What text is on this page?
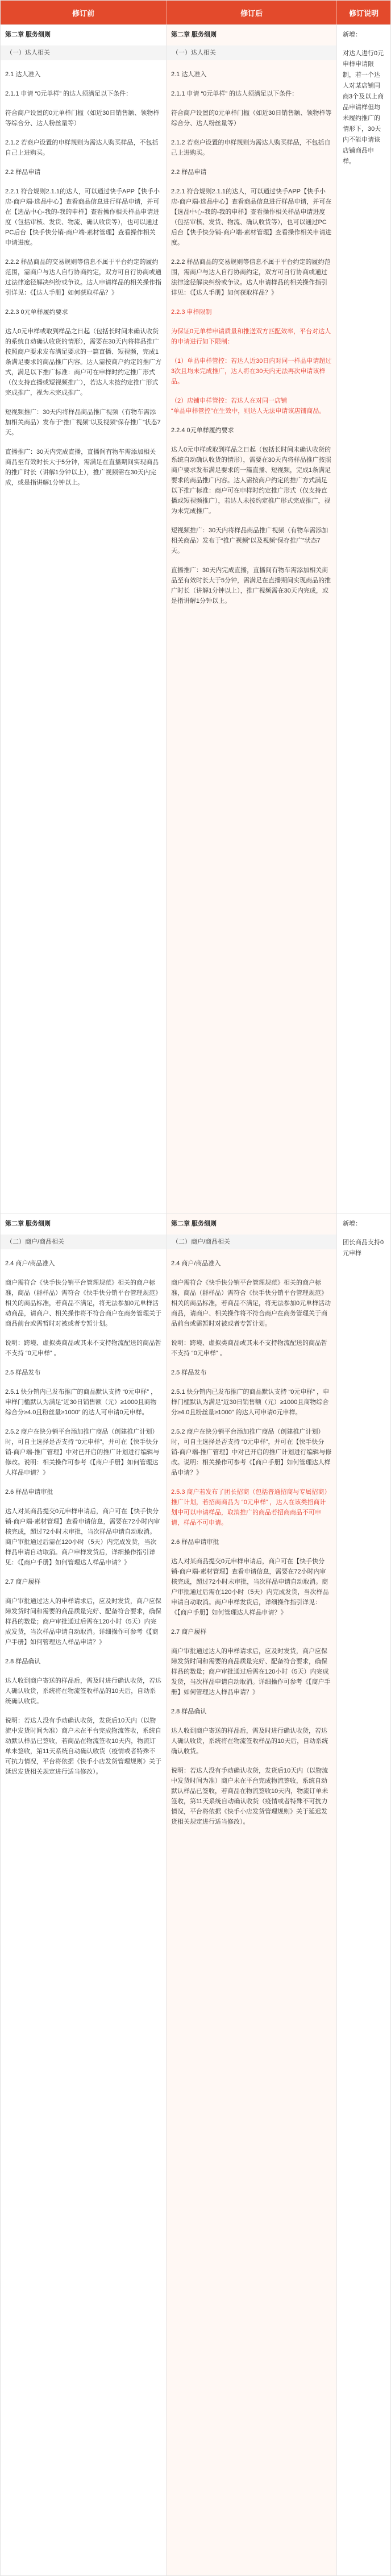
修订前	修订后	修订说明
第二章 服务细则
（一）达人相关
2.1 达人准入
2.1.1 申请 “0元单样” 的达人须满足以下条件：
符合商户设置的0元单样门槛（如近30日销售额、领物样等综合分、达人粉丝量等）
2.1.2 若商户设置的申样规则为需达人购买样品，不包括自己上进购买。
2.2 样品申请
2.2.1 符合规则2.1.1的达人，可以通过快手APP【快手小店-商户端-选品中心】查看商品信息进行样品申请，并可在【选品中心-我的-我的申样】查看操作相关样品申请进度（包括审核、发货、物流、确认收货等），也可以通过PC后台【快手快分销-商户端-素材管理】查看操作相关申请进度。
2.2.2 样品商品的交易规则等信息不属于平台约定的履约范围，需商户与达人自行协商约定，双方可自行协商或通过法律途径解决纠纷或争议。达人申请样品的相关操作指引详见：《【达人手册】如何获取样品？》
2.2.3 0元单样履约要求
达人0元申样或取到样品之日起（包括长时间未确认收货的系统自动确认收货的情形），需要在30天内将样品推广按照商户要求发布满足要求的一篇直播、短视频，完成1条满足要求的商品推广内容。达人需按商户约定的推广方式，满足以下推广标准：商户可在申样时约定推广形式（仅支持直播或短视频推广），若达人未按约定推广形式完成推广，视为未完成推广。
短视频推广：30天内将样品商品推广视频（有物车需添加相关商品）发布于“推广视频”以及视频“保存推广”状态7天。
直播推广：30天内完成直播，直播间有物车需添加相关商品至有效时长大于5分钟，需满足在直播期间实现商品的推广时长（讲解1分钟以上），推广视频需在30天内完成，或是指讲解1分钟以上。
第二章 服务细则
（一）达人相关
2.1 达人准入
2.1.1 申请 “0元单样” 的达人须满足以下条件：
符合商户设置的0元单样门槛（如近30日销售额、领物样等综合分、达人粉丝量等）
2.1.2 若商户设置的申样规则为需达人购买样品，不包括自己上进购买。
2.2 样品申请
2.2.1 符合规则2.1.1的达人，可以通过快手APP【快手小店-商户端-选品中心】查看商品信息进行样品申请，并可在【选品中心-我的-我的申样】查看操作相关样品申请进度（包括审核、发货、物流、确认收货等），也可以通过PC后台【快手快分销-商户端-素材管理】查看操作相关申请进度。
2.2.2 样品商品的交易规则等信息不属于平台约定的履约范围，需商户与达人自行协商约定，双方可自行协商或通过法律途径解决纠纷或争议。达人申请样品的相关操作指引详见：《【达人手册】如何获取样品？》
2.2.3 申样限制
为保证0元单样申请质量和推送双方匹配效率，平台对达人的申请进行如下限制：
（1）单品申样管控：若达人近30日内对同一样品申请超过3次且均未完成推广，达人将在30天内无法再次申请该样品。
（2）店铺申样管控：若达人在对同一店铺
“单品申样管控”在生效中，则达人无法申请该店铺商品。
2.2.4 0元单样履约要求
达人0元申样或取到样品之日起（包括长时间未确认收货的系统自动确认收货的情形），需要在30天内将样品推广按照商户要求发布满足要求的一篇直播、短视频，完成1条满足要求的商品推广内容。达人需按商户约定的推广方式满足以下推广标准：商户可在申样时约定推广形式（仅支持直播或短视频推广），若达人未按约定推广形式完成推广，视为未完成推广。
短视频推广：30天内将样品商品推广视频（有物车需添加相关商品）发布于“推广视频”以及视频“保存推广”状态7天。
直播推广：30天内完成直播，直播间有物车需添加相关商品至有效时长大于5分钟，需满足在直播期间实现商品的推广时长（讲解1分钟以上），推广视频需在30天内完成，或是指讲解1分钟以上。
新增：
对达人进行0元申样申请限制，若一个达人对某店铺同商3个及以上商品申请样但均未履约推广的情形下，30天内不能申请该店铺商品申样。
第二章 服务细则
（二）商户/商品相关
2.4 商户/商品准入
商户需符合《快手快分销平台管理规范》相关的商户标准，商品（群样品）需符合《快手快分销平台管理规范》相关的商品标准，若商品不满足，将无法参加0元单样活动商品，请商户、相关操作将不符合商户在商务管理关于商品前台或需暂时对被或者专暂计划。
说明：跨境、虚拟类商品或其未不支持物流配送的商品暂不支持 “0元申样” 。
2.5 样品发布
2.5.1 快分销内已发布推广的商品默认支持 “0元申样” ，申样门槛默认为满足“近30日销售额（元）≥1000且商物综合分≥4.0且粉丝量≥1000” 的达人可申请0元申样。
2.5.2 商户在快分销平台添加推广商品（创建推广计划）时，可自主选择是否支持 “0元申样”，并可在【快手快分销-商户端-推广管理】中对已开启的推广计划进行编辑与修改。说明：相关操作可参考《【商户手册】如何管理达人样品申请？》
2.6 样品申请审批
达人对某商品提交0元申样申请后，商户可在【快手快分销-商户端-素材管理】查看申请信息，需要在72小时内审核完成，超过72小时未审批，当次样品申请自动取消。商户审批通过后需在120小时（5天）内完成发货，当次样品申请自动取消。商户申样发货后，详细操作指引详见：《【商户手册】如何管理达人样品申请？》
2.7 商户履样
商户审批通过达人的申样请求后，应及时发货，商户应保障发货时间和需要的商品质量完好、配备符合要求，确保样品的数量；商户审批通过后需在120小时（5天）内完成发货，当次样品申请自动取消。详细操作可参考《【商户手册】如何管理达人样品申请？》
2.8 样品确认
达人收到商户寄送的样品后，需及时进行确认收货，若达人确认收货，系统将在物流签收样品的10天后，自动系统确认收货。
说明：若达人没有手动确认收货，发货后10天内（以物流中发货时间为准）商户未在平台完成物流签收，系统自动默认样品已签收，若商品在物流签收10天内，物流订单未签收，第11天系统自动确认收货（疫情或者特殊不可抗力情况，平台将依据《快手小店发货管理规则》关于延迟发货相关规定进行适当修改）。
第二章 服务细则
（二）商户/商品相关
2.4 商户/商品准入
商户需符合《快手快分销平台管理规范》相关的商户标准，商品（群样品）需符合《快手快分销平台管理规范》相关的商品标准，若商品不满足，将无法参加0元单样活动商品，请商户、相关操作将不符合商户在商务管理关于商品前台或需暂时对被或者专暂计划。
说明：跨境、虚拟类商品或其未不支持物流配送的商品暂不支持 “0元申样” 。
2.5 样品发布
2.5.1 快分销内已发布推广的商品默认支持 “0元申样” ，申样门槛默认为满足“近30日销售额（元）≥1000且商物综合分≥4.0且粉丝量≥1000” 的达人可申请0元申样。
2.5.2 商户在快分销平台添加推广商品（创建推广计划）时，可自主选择是否支持 “0元申样”，并可在【快手快分销-商户端-推广管理】中对已开启的推广计划进行编辑与修改。说明：相关操作可参考《【商户手册】如何管理达人样品申请？》
2.5.3 商户若发布了团长招商（包括普通招商与专属招商）推广计划，若招商商品为 “0元申样” ，达人在该类招商计划中可以申请样品，取消推广的商品若招商商品不可申请，样品不可申请。
2.6 样品申请审批
达人对某商品提交0元申样申请后，商户可在【快手快分销-商户端-素材管理】查看申请信息，需要在72小时内审核完成，超过72小时未审批，当次样品申请自动取消。商户审批通过后需在120小时（5天）内完成发货，当次样品申请自动取消。商户申样发货后，详细操作指引详见：《【商户手册】如何管理达人样品申请？》
2.7 商户履样
商户审批通过达人的申样请求后，应及时发货，商户应保障发货时间和需要的商品质量完好、配备符合要求，确保样品的数量；商户审批通过后需在120小时（5天）内完成发货，当次样品申请自动取消。详细操作可参考《【商户手册】如何管理达人样品申请？》
2.8 样品确认
达人收到商户寄送的样品后，需及时进行确认收货，若达人确认收货，系统将在物流签收样品的10天后，自动系统确认收货。
说明：若达人没有手动确认收货，发货后10天内（以物流中发货时间为准）商户未在平台完成物流签收，系统自动默认样品已签收，若商品在物流签收10天内，物流订单未签收，第11天系统自动确认收货（疫情或者特殊不可抗力情况，平台将依据《快手小店发货管理规则》关于延迟发货相关规定进行适当修改）。
新增：
团长商品支持0元申样
